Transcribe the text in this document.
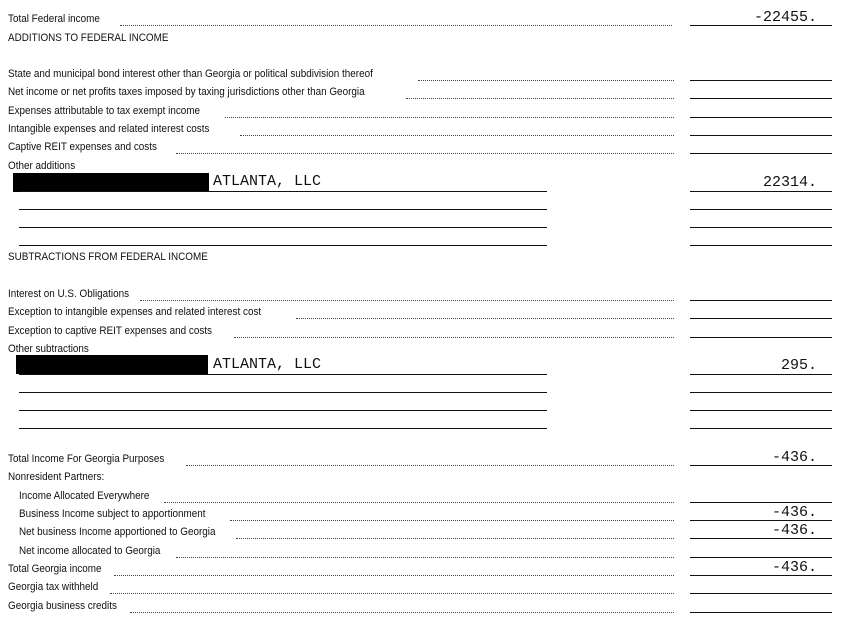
Total Federal income	-22455.
ADDITIONS TO FEDERAL INCOME
State and municipal bond interest other than Georgia or political subdivision thereof
Net income or net profits taxes imposed by taxing jurisdictions other than Georgia
Expenses attributable to tax exempt income
Intangible expenses and related interest costs
Captive REIT expenses and costs
Other additions
ATLANTA, LLC	22314.
SUBTRACTIONS FROM FEDERAL INCOME
Interest on U.S. Obligations
Exception to intangible expenses and related interest cost
Exception to captive REIT expenses and costs
Other subtractions
ATLANTA, LLC	295.
Total Income For Georgia Purposes	-436.
Nonresident Partners:
Income Allocated Everywhere
Business Income subject to apportionment	-436.
Net business Income apportioned to Georgia	-436.
Net income allocated to Georgia
Total Georgia income	-436.
Georgia tax withheld
Georgia business credits
